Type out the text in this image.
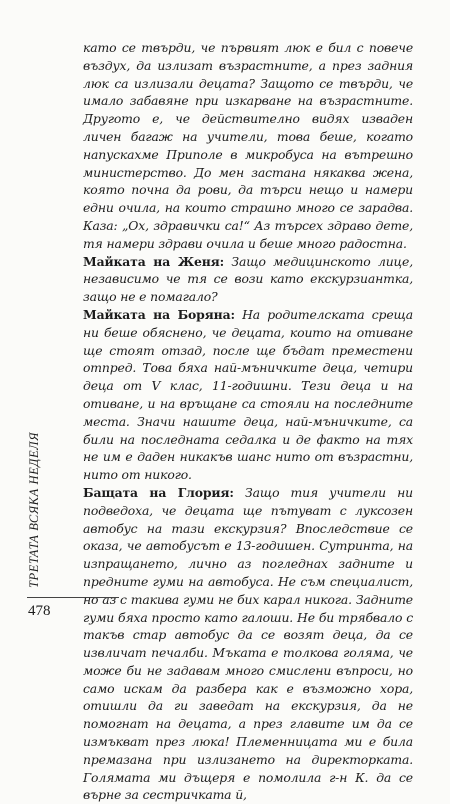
като се твърди, че първият люк е бил с повече въздух, да излизат възрастните, а през задния люк са излизали децата? Защото се твърди, че имало забавяне при изкарване на възрастните. Другото е, че действително видях изваден личен багаж на учители, това беше, когато напускахме Приполе в микробуса на вътрешно министерство. До мен застана някаква жена, която почна да рови, да търси нещо и намери едни очила, на които страшно много се зарадва. Каза: „Ох, здравички са!“ Аз търсех здраво дете, тя намери здрави очила и беше много радостна.

Майката на Женя: Защо медицинското лице, независимо че тя се вози като екскурзиантка, защо не е помагало?

Майката на Боряна: На родителската среща ни беше обяснено, че децата, които на отиване ще стоят отзад, после ще бъдат преместени отпред. Това бяха най-мъничките деца, четири деца от V клас, 11-годишни. Тези деца и на отиване, и на връщане са стояли на последните места. Значи нашите деца, най-мъничките, са били на последната седалка и де факто на тях не им е даден никакъв шанс нито от възрастни, нито от никого.

Бащата на Глория: Защо тия учители ни подведоха, че децата ще пътуват с луксозен автобус на тази екскурзия? Впоследствие се оказа, че автобусът е 13-годишен. Сутринта, на изпращането, лично аз погледнах задните и предните гуми на автобуса. Не съм специалист, но аз с такива гуми не бих карал никога. Задните гуми бяха просто като галоши. Не би трябвало с такъв стар автобус да се возят деца, да се извличат печалби. Мъката е толкова голяма, че може би не задавам много смислени въпроси, но само искам да разбера как е възможно хора, отишли да ги заведат на екскурзия, да не помогнат на децата, а през главите им да се измъкват през люка! Племенницата ми е била премазана при излизането на директорката. Голямата ми дъщеря е помолила г-н К. да се върне за сестричката й,

ТРЕТАТА ВСЯКА НЕДЕЛЯ
478
